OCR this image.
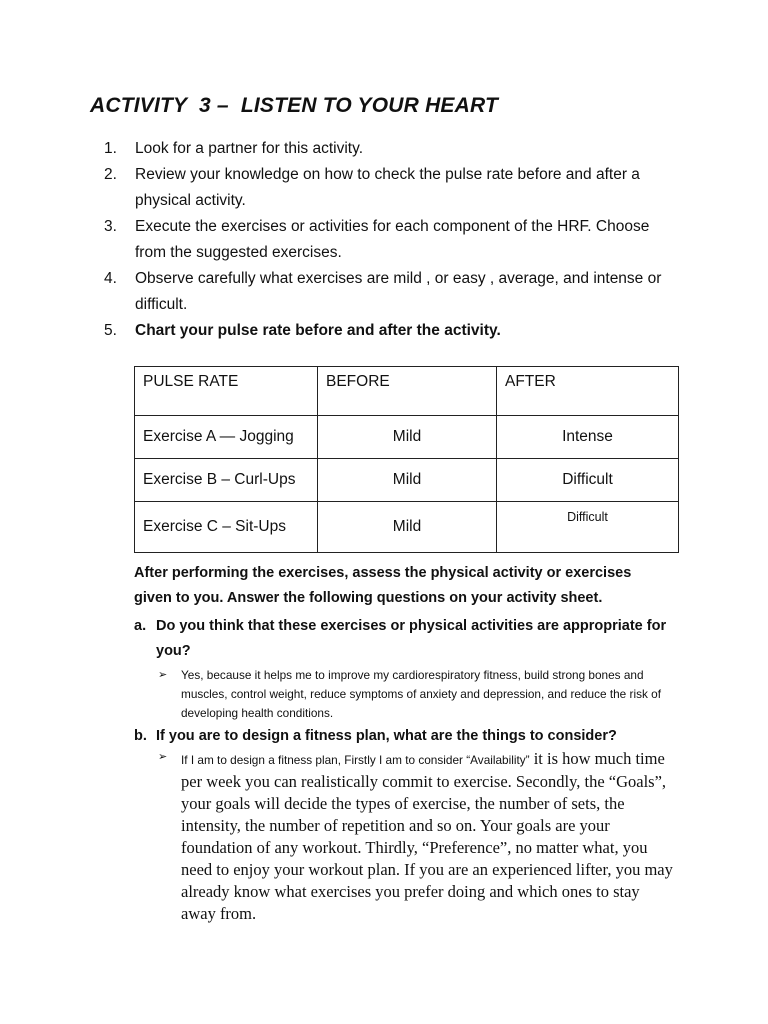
ACTIVITY  3 –  LISTEN TO YOUR HEART
1.	Look for a partner for this activity.
2.	Review your knowledge on how to check the pulse rate before and after a physical activity.
3.	Execute the exercises or activities for each component of the HRF. Choose from the suggested exercises.
4.	Observe carefully what exercises are mild , or easy , average, and intense or difficult.
5.	Chart your pulse rate before and after the activity.
PULSE RATE	BEFORE	AFTER
Exercise A — Jogging	Mild	Intense
Exercise B – Curl-Ups	Mild	Difficult
Exercise C – Sit-Ups	Mild	Difficult
After performing the exercises, assess the physical activity or exercises given to you. Answer the following questions on your activity sheet.
a. Do you think that these exercises or physical activities are appropriate for you?
➢	Yes, because it helps me to improve my cardiorespiratory fitness, build strong bones and muscles, control weight, reduce symptoms of anxiety and depression, and reduce the risk of developing health conditions.
b. If you are to design a fitness plan, what are the things to consider?
➢	If I am to design a fitness plan, Firstly I am to consider “Availability” it is how much time per week you can realistically commit to exercise. Secondly, the “Goals”, your goals will decide the types of exercise, the number of sets, the intensity, the number of repetition and so on. Your goals are your foundation of any workout. Thirdly, “Preference”, no matter what, you need to enjoy your workout plan. If you are an experienced lifter, you may already know what exercises you prefer doing and which ones to stay away from.
